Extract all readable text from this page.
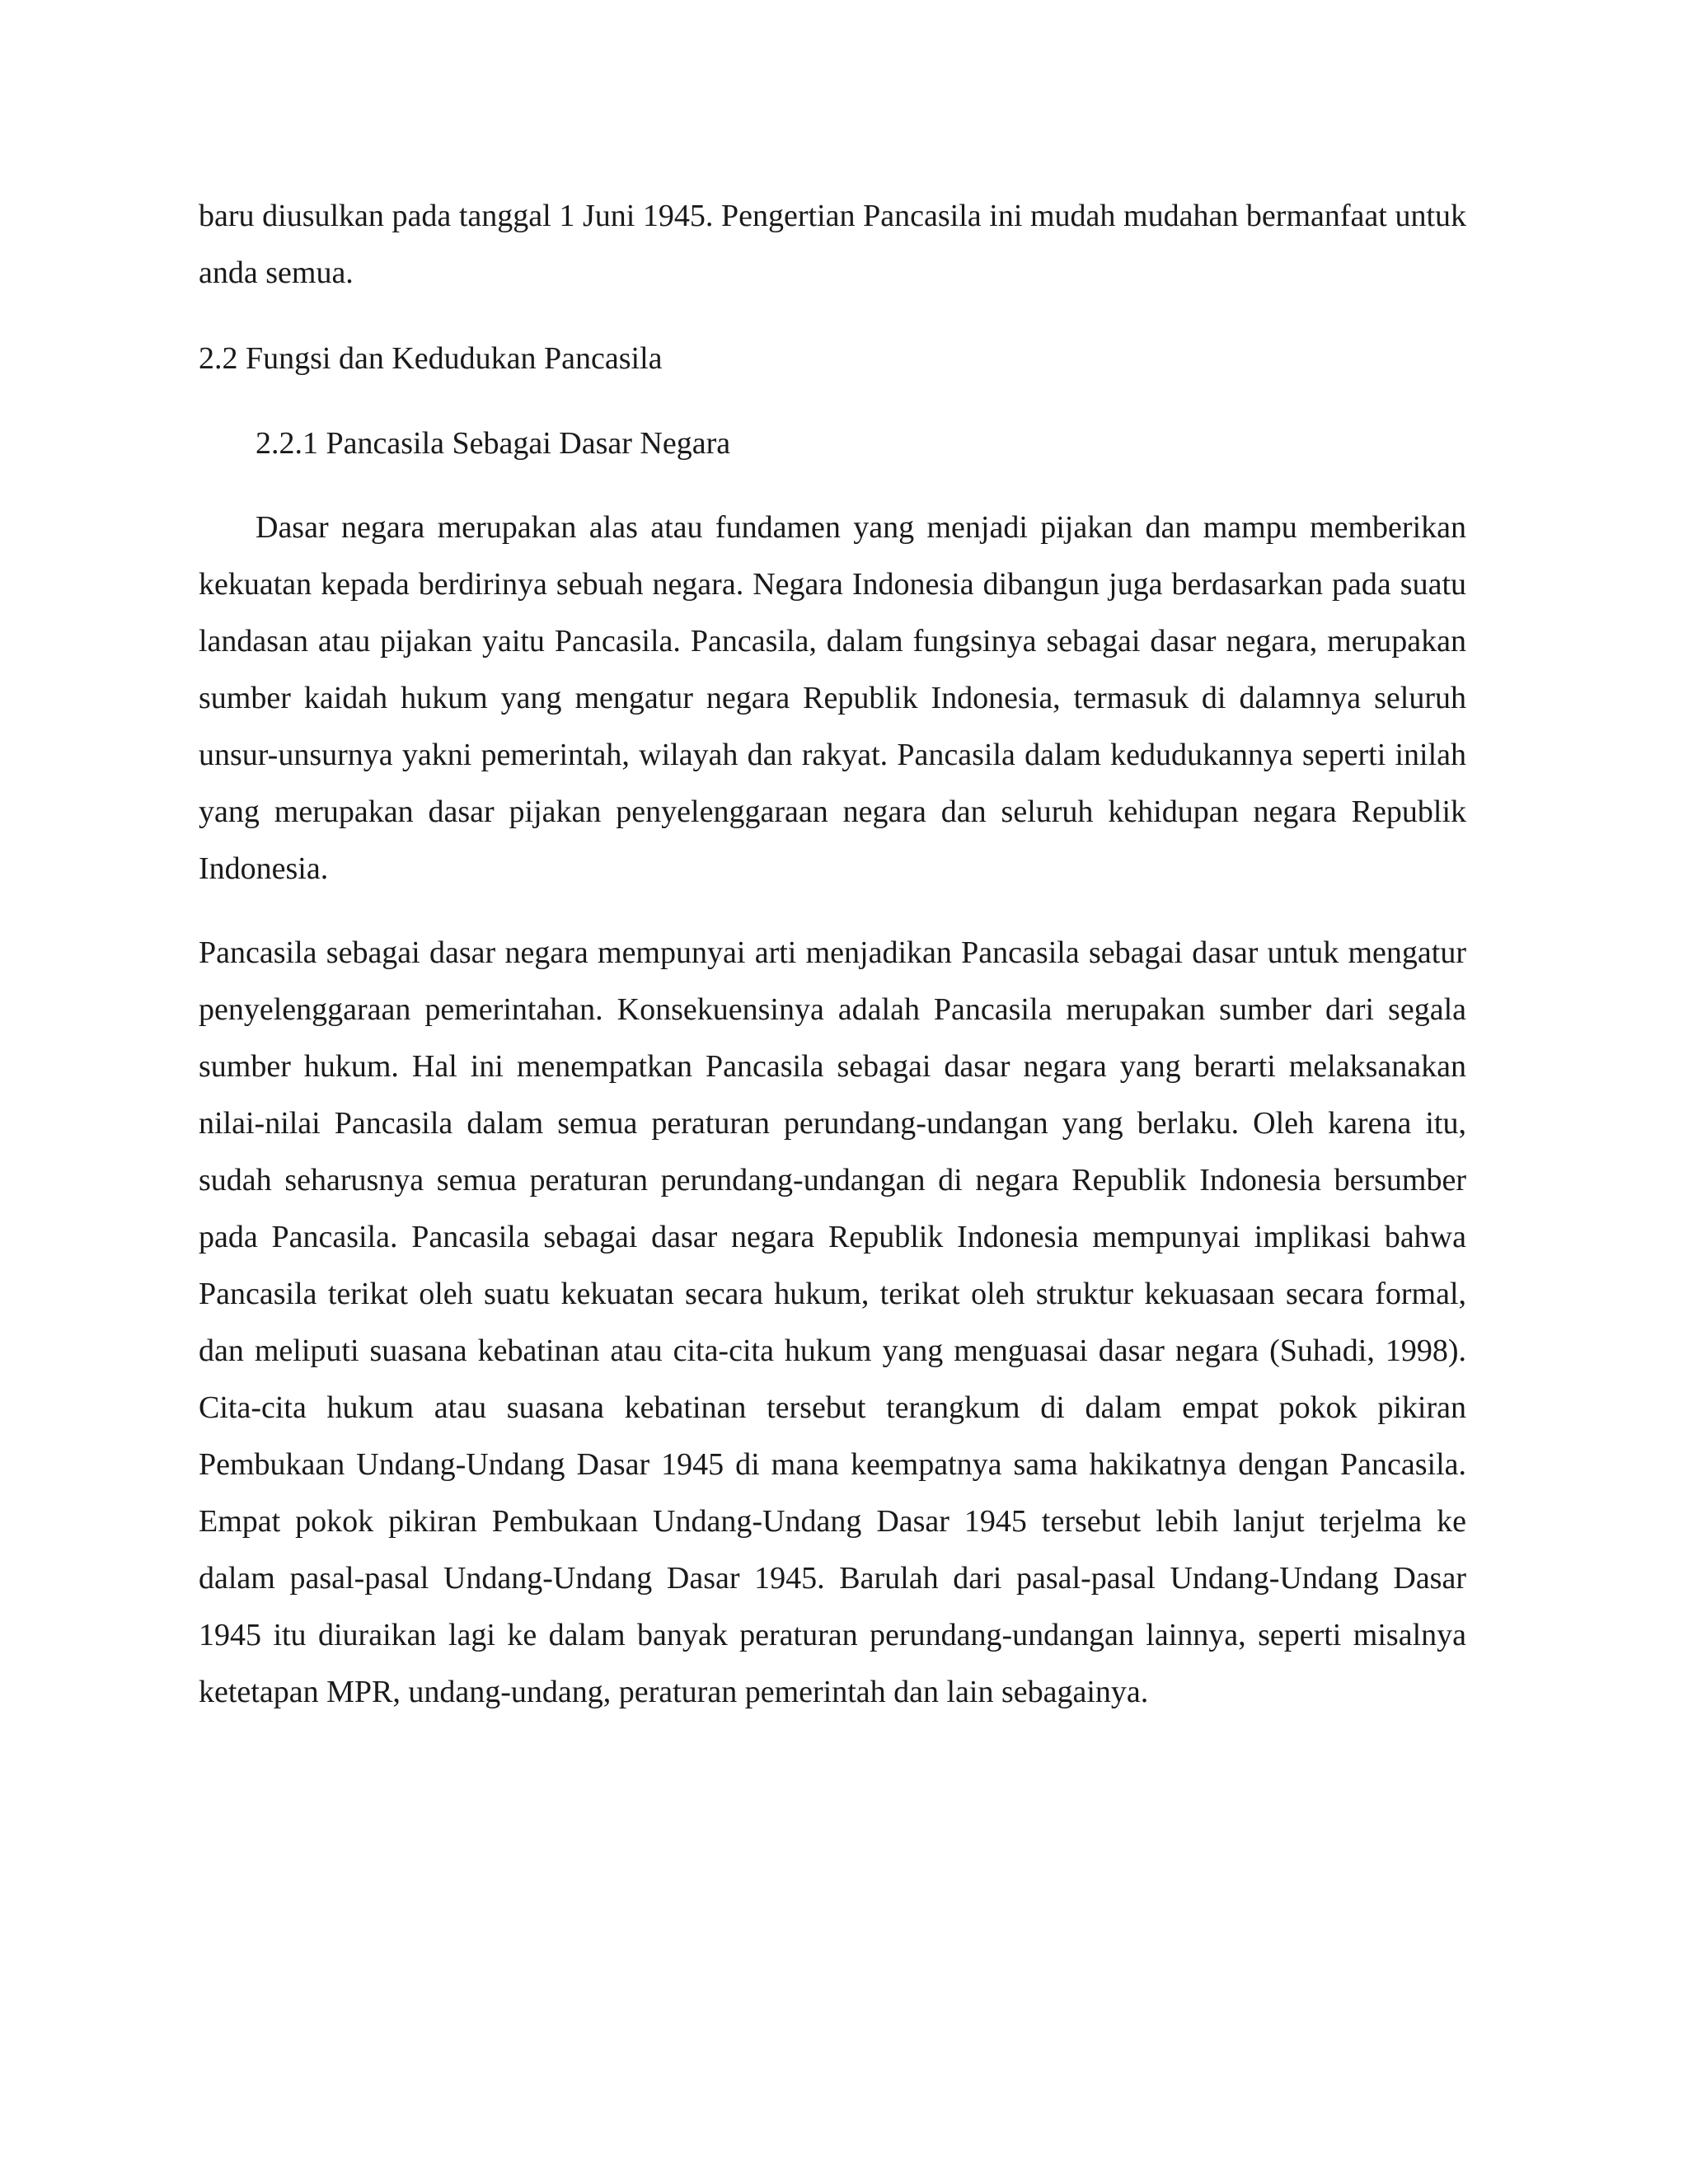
baru diusulkan pada tanggal 1 Juni 1945. Pengertian Pancasila ini mudah mudahan bermanfaat untuk anda semua.

2.2 Fungsi dan Kedudukan Pancasila

2.2.1 Pancasila Sebagai Dasar Negara

Dasar negara merupakan alas atau fundamen yang menjadi pijakan dan mampu memberikan kekuatan kepada berdirinya sebuah negara. Negara Indonesia dibangun juga berdasarkan pada suatu landasan atau pijakan yaitu Pancasila. Pancasila, dalam fungsinya sebagai dasar negara, merupakan sumber kaidah hukum yang mengatur negara Republik Indonesia, termasuk di dalamnya seluruh unsur-unsurnya yakni pemerintah, wilayah dan rakyat. Pancasila dalam kedudukannya seperti inilah yang merupakan dasar pijakan penyelenggaraan negara dan seluruh kehidupan negara Republik Indonesia.

Pancasila sebagai dasar negara mempunyai arti menjadikan Pancasila sebagai dasar untuk mengatur penyelenggaraan pemerintahan. Konsekuensinya adalah Pancasila merupakan sumber dari segala sumber hukum. Hal ini menempatkan Pancasila sebagai dasar negara yang berarti melaksanakan nilai-nilai Pancasila dalam semua peraturan perundang-undangan yang berlaku. Oleh karena itu, sudah seharusnya semua peraturan perundang-undangan di negara Republik Indonesia bersumber pada Pancasila. Pancasila sebagai dasar negara Republik Indonesia mempunyai implikasi bahwa Pancasila terikat oleh suatu kekuatan secara hukum, terikat oleh struktur kekuasaan secara formal, dan meliputi suasana kebatinan atau cita-cita hukum yang menguasai dasar negara (Suhadi, 1998). Cita-cita hukum atau suasana kebatinan tersebut terangkum di dalam empat pokok pikiran Pembukaan Undang-Undang Dasar 1945 di mana keempatnya sama hakikatnya dengan Pancasila. Empat pokok pikiran Pembukaan Undang-Undang Dasar 1945 tersebut lebih lanjut terjelma ke dalam pasal-pasal Undang-Undang Dasar 1945. Barulah dari pasal-pasal Undang-Undang Dasar 1945 itu diuraikan lagi ke dalam banyak peraturan perundang-undangan lainnya, seperti misalnya ketetapan MPR, undang-undang, peraturan pemerintah dan lain sebagainya.
